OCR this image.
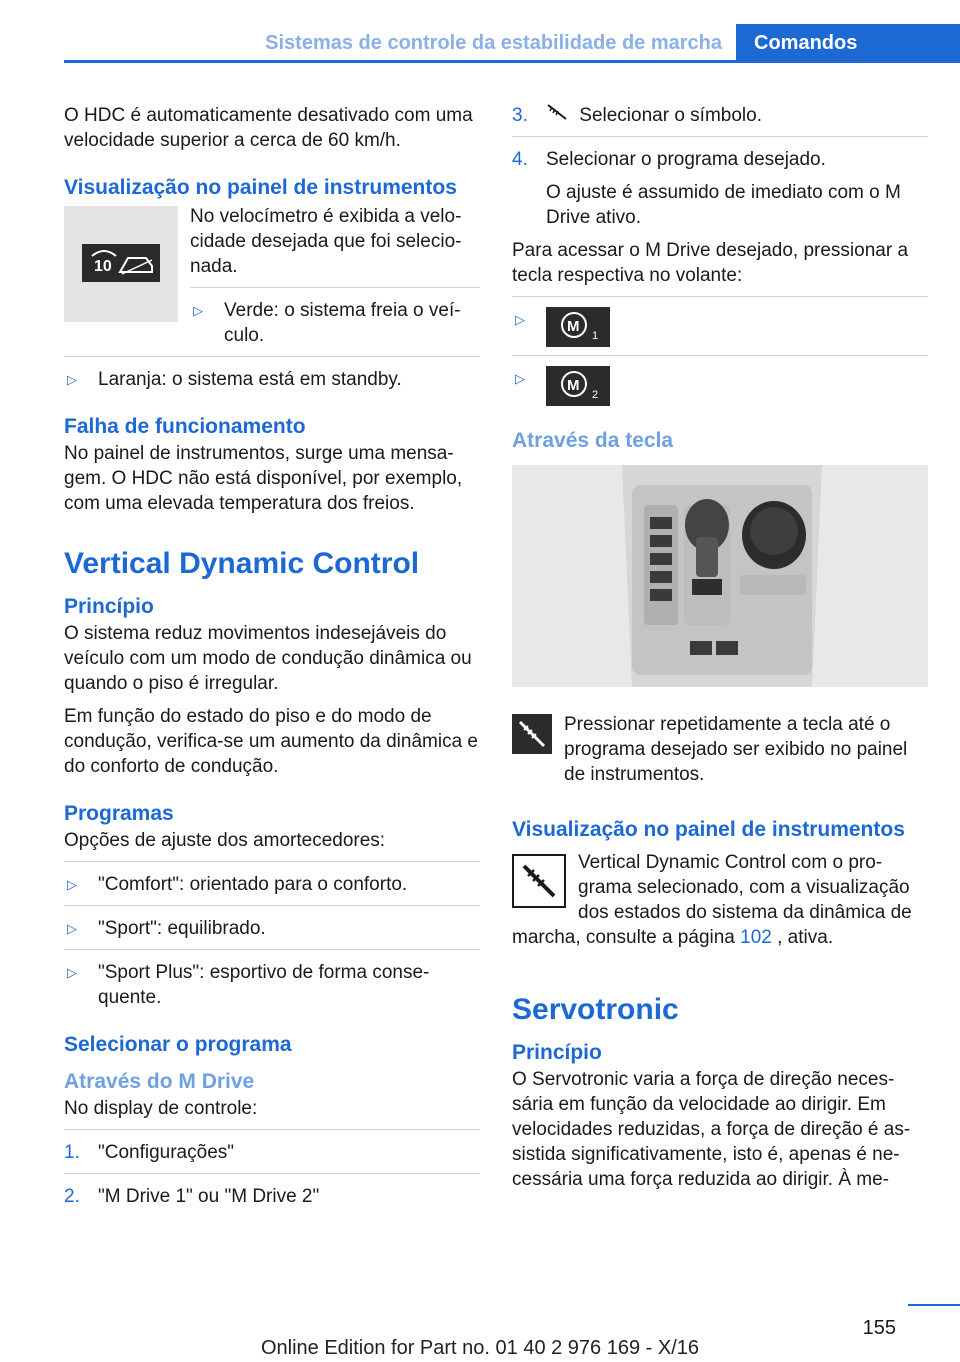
Sistemas de controle da estabilidade de marcha	Comandos

O HDC é automaticamente desativado com uma velocidade superior a cerca de 60 km/h.

Visualização no painel de instrumentos
10

No velocímetro é exibida a velocidade desejada que foi selecionada.

▷ Verde: o sistema freia o veículo.
▷ Laranja: o sistema está em standby.
Falha de funcionamento

No painel de instrumentos, surge uma mensagem. O HDC não está disponível, por exemplo, com uma elevada temperatura dos freios.

Vertical Dynamic Control
Princípio

O sistema reduz movimentos indesejáveis do veículo com um modo de condução dinâmica ou quando o piso é irregular.

Em função do estado do piso e do modo de condução, verifica-se um aumento da dinâmica e do conforto de condução.

Programas

Opções de ajuste dos amortecedores:

▷ "Comfort": orientado para o conforto.
▷ "Sport": equilibrado.
▷ "Sport Plus": esportivo de forma consequente.
Selecionar o programa
Através do M Drive

No display de controle:

1. "Configurações"
2. "M Drive 1" ou "M Drive 2"
3.	Selecionar o símbolo.
4. Selecionar o programa desejado.

O ajuste é assumido de imediato com o M Drive ativo.

Para acessar o M Drive desejado, pressionar a tecla respectiva no volante:

▷	M
1
▷	M
2
Através da tecla

Pressionar repetidamente a tecla até o programa desejado ser exibido no painel de instrumentos.

Visualização no painel de instrumentos

Vertical Dynamic Control com o programa selecionado, com a visualização dos estados do sistema da dinâmica de marcha, consulte a página 102 , ativa.

Servotronic
Princípio

O Servotronic varia a força de direção necessária em função da velocidade ao dirigir. Em velocidades reduzidas, a força de direção é assistida significativamente, isto é, apenas é necessária uma força reduzida ao dirigir. À me-

155
Online Edition for Part no. 01 40 2 976 169 - X/16
